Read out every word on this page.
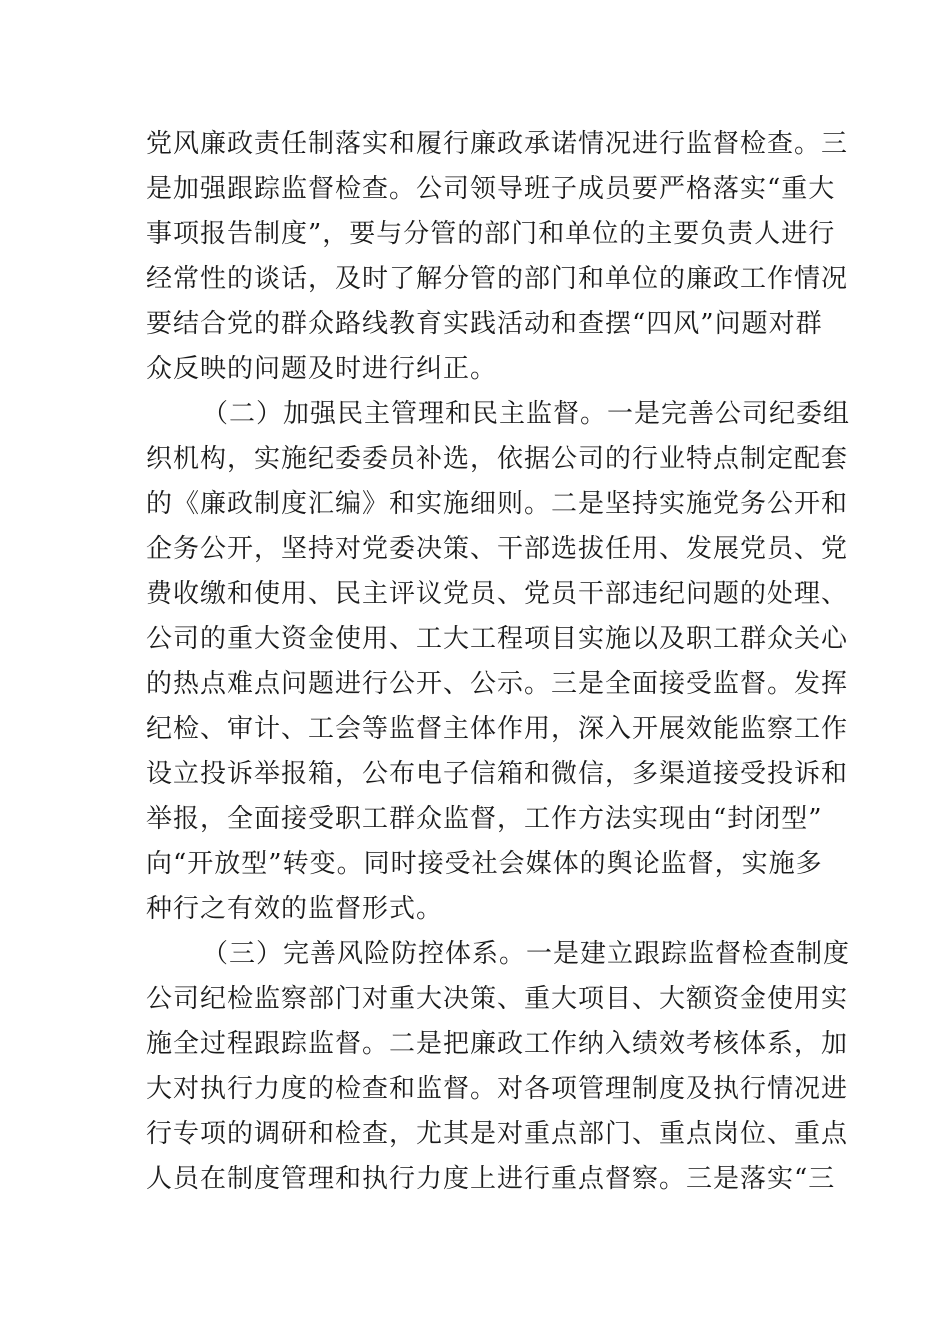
党风廉政责任制落实和履行廉政承诺情况进行监督检查。三
是加强跟踪监督检查。公司领导班子成员要严格落实“重大
事项报告制度”，要与分管的部门和单位的主要负责人进行
经常性的谈话，及时了解分管的部门和单位的廉政工作情况
要结合党的群众路线教育实践活动和查摆“四风”问题对群
众反映的问题及时进行纠正。
（二）加强民主管理和民主监督。一是完善公司纪委组
织机构，实施纪委委员补选，依据公司的行业特点制定配套
的《廉政制度汇编》和实施细则。二是坚持实施党务公开和
企务公开，坚持对党委决策、干部选拔任用、发展党员、党
费收缴和使用、民主评议党员、党员干部违纪问题的处理、
公司的重大资金使用、工大工程项目实施以及职工群众关心
的热点难点问题进行公开、公示。三是全面接受监督。发挥
纪检、审计、工会等监督主体作用，深入开展效能监察工作
设立投诉举报箱，公布电子信箱和微信，多渠道接受投诉和
举报，全面接受职工群众监督，工作方法实现由“封闭型”
向“开放型”转变。同时接受社会媒体的舆论监督，实施多
种行之有效的监督形式。
（三）完善风险防控体系。一是建立跟踪监督检查制度
公司纪检监察部门对重大决策、重大项目、大额资金使用实
施全过程跟踪监督。二是把廉政工作纳入绩效考核体系，加
大对执行力度的检查和监督。对各项管理制度及执行情况进
行专项的调研和检查，尤其是对重点部门、重点岗位、重点
人员在制度管理和执行力度上进行重点督察。三是落实“三
